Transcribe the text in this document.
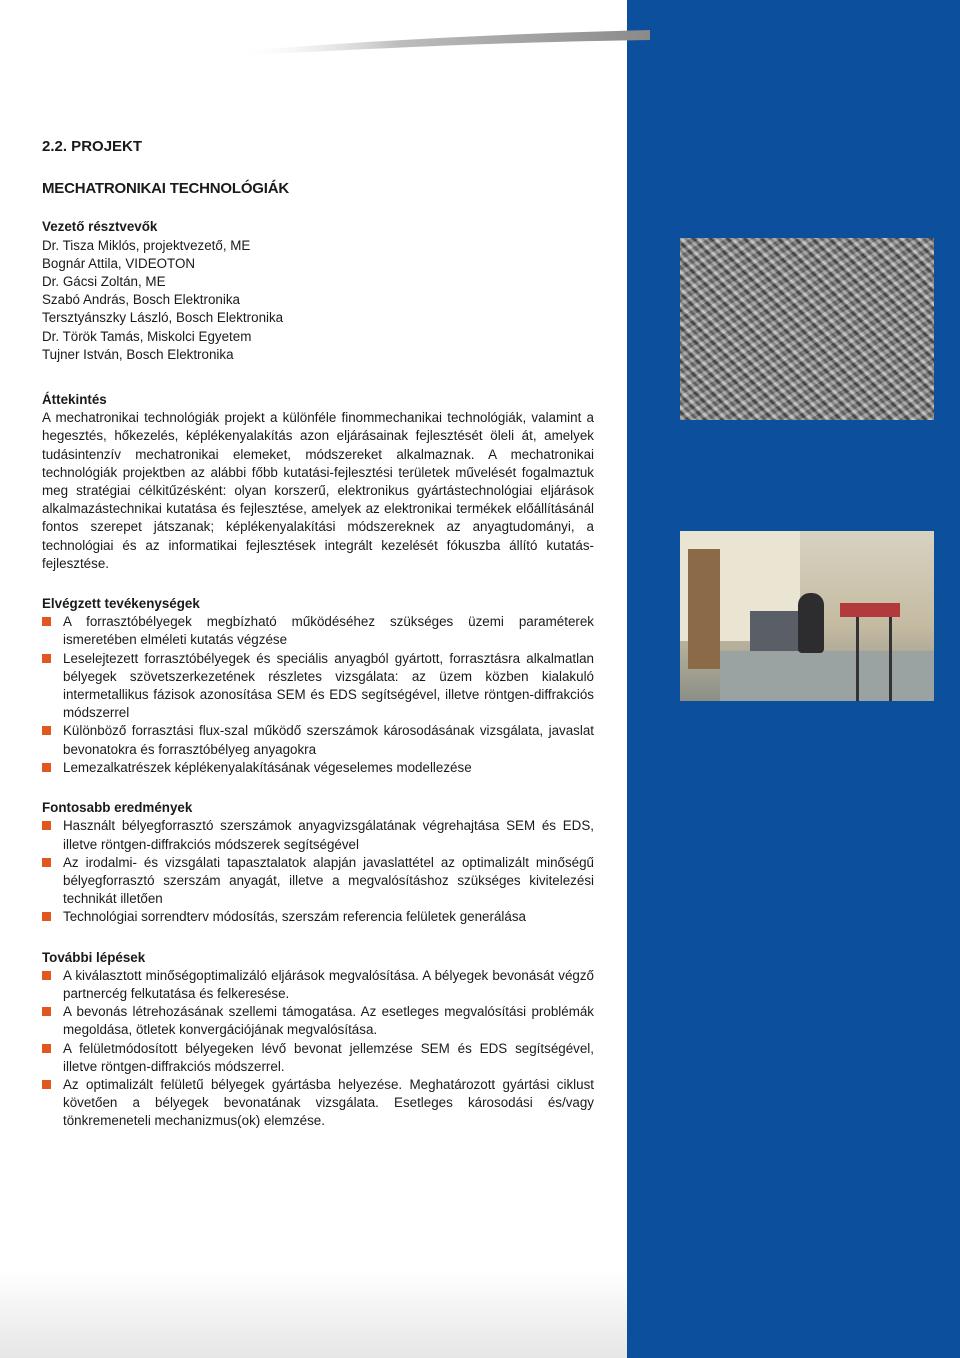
2.2. PROJEKT
MECHATRONIKAI TECHNOLÓGIÁK
Vezető résztvevők
Dr. Tisza Miklós, projektvezető, ME
Bognár Attila, VIDEOTON
Dr. Gácsi Zoltán, ME
Szabó András, Bosch Elektronika
Tersztyánszky László, Bosch Elektronika
Dr. Török Tamás, Miskolci Egyetem
Tujner István, Bosch Elektronika
Áttekintés

A mechatronikai technológiák projekt a különféle finommechanikai technológiák, valamint a hegesztés, hőkezelés, képlékenyalakítás azon eljárásainak fejlesztését öleli át, amelyek tudásintenzív mechatronikai elemeket, módszereket alkalmaznak. A mechatronikai technológiák projektben az alábbi főbb kutatási-fejlesztési területek művelését fogalmaztuk meg stratégiai célkitűzésként: olyan korszerű, elektronikus gyártástechnológiai eljárások alkalmazástechnikai kutatása és fejlesztése, amelyek az elektronikai termékek előállításánál fontos szerepet játszanak; képlékenyalakítási módszereknek az anyagtudományi, a technológiai és az informatikai fejlesztések integrált kezelését fókuszba állító kutatás-fejlesztése.

Elvégzett tevékenységek
A forrasztóbélyegek megbízható működéséhez szükséges üzemi paraméterek ismeretében elméleti kutatás végzése
Leselejtezett forrasztóbélyegek és speciális anyagból gyártott, forrasztásra alkalmatlan bélyegek szövetszerkezetének részletes vizsgálata: az üzem közben kialakuló intermetallikus fázisok azonosítása SEM és EDS segítségével, illetve röntgen-diffrakciós módszerrel
Különböző forrasztási flux-szal működő szerszámok károsodásának vizsgálata, javaslat bevonatokra és forrasztóbélyeg anyagokra
Lemezalkatrészek képlékenyalakításának végeselemes modellezése
Fontosabb eredmények
Használt bélyegforrasztó szerszámok anyagvizsgálatának végrehajtása SEM és EDS, illetve röntgen-diffrakciós módszerek segítségével
Az irodalmi- és vizsgálati tapasztalatok alapján javaslattétel az optimalizált minőségű bélyegforrasztó szerszám anyagát, illetve a megvalósításhoz szükséges kivitelezési technikát illetően
Technológiai sorrendterv módosítás, szerszám referencia felületek generálása
További lépések
A kiválasztott minőségoptimalizáló eljárások megvalósítása. A bélyegek bevonását végző partnercég felkutatása és felkeresése.
A bevonás létrehozásának szellemi támogatása. Az esetleges megvalósítási problémák megoldása, ötletek konvergációjának megvalósítása.
A felületmódosított bélyegeken lévő bevonat jellemzése SEM és EDS segítségével, illetve röntgen-diffrakciós módszerrel.
Az optimalizált felületű bélyegek gyártásba helyezése. Meghatározott gyártási ciklust követően a bélyegek bevonatának vizsgálata. Esetleges károsodási és/vagy tönkremeneteli mechanizmus(ok) elemzése.
